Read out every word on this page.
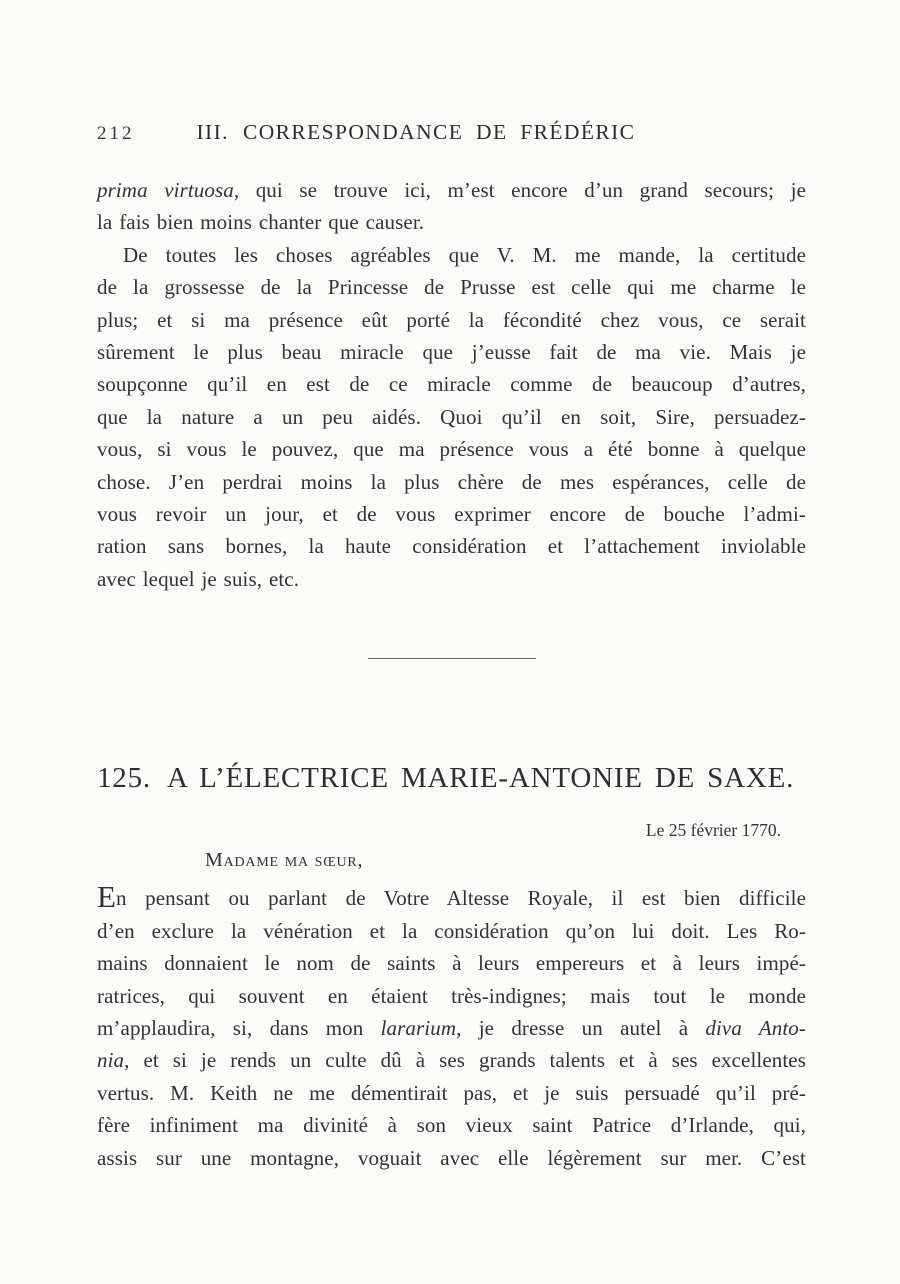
212	III. CORRESPONDANCE DE FRÉDÉRIC
prima virtuosa, qui se trouve ici, m’est encore d’un grand secours; je
la fais bien moins chanter que causer.
De toutes les choses agréables que V. M. me mande, la certitude
de la grossesse de la Princesse de Prusse est celle qui me charme le
plus; et si ma présence eût porté la fécondité chez vous, ce serait
sûrement le plus beau miracle que j’eusse fait de ma vie. Mais je
soupçonne qu’il en est de ce miracle comme de beaucoup d’autres,
que la nature a un peu aidés. Quoi qu’il en soit, Sire, persuadez-
vous, si vous le pouvez, que ma présence vous a été bonne à quelque
chose. J’en perdrai moins la plus chère de mes espérances, celle de
vous revoir un jour, et de vous exprimer encore de bouche l’admi-
ration sans bornes, la haute considération et l’attachement inviolable
avec lequel je suis, etc.
125. A L’ÉLECTRICE MARIE-ANTONIE DE SAXE.
Le 25 février 1770.
Madame ma sœur,
En pensant ou parlant de Votre Altesse Royale, il est bien difficile
d’en exclure la vénération et la considération qu’on lui doit. Les Ro-
mains donnaient le nom de saints à leurs empereurs et à leurs impé-
ratrices, qui souvent en étaient très-indignes; mais tout le monde
m’applaudira, si, dans mon lararium, je dresse un autel à diva Anto-
nia, et si je rends un culte dû à ses grands talents et à ses excellentes
vertus. M. Keith ne me démentirait pas, et je suis persuadé qu’il pré-
fère infiniment ma divinité à son vieux saint Patrice d’Irlande, qui,
assis sur une montagne, voguait avec elle légèrement sur mer. C’est
